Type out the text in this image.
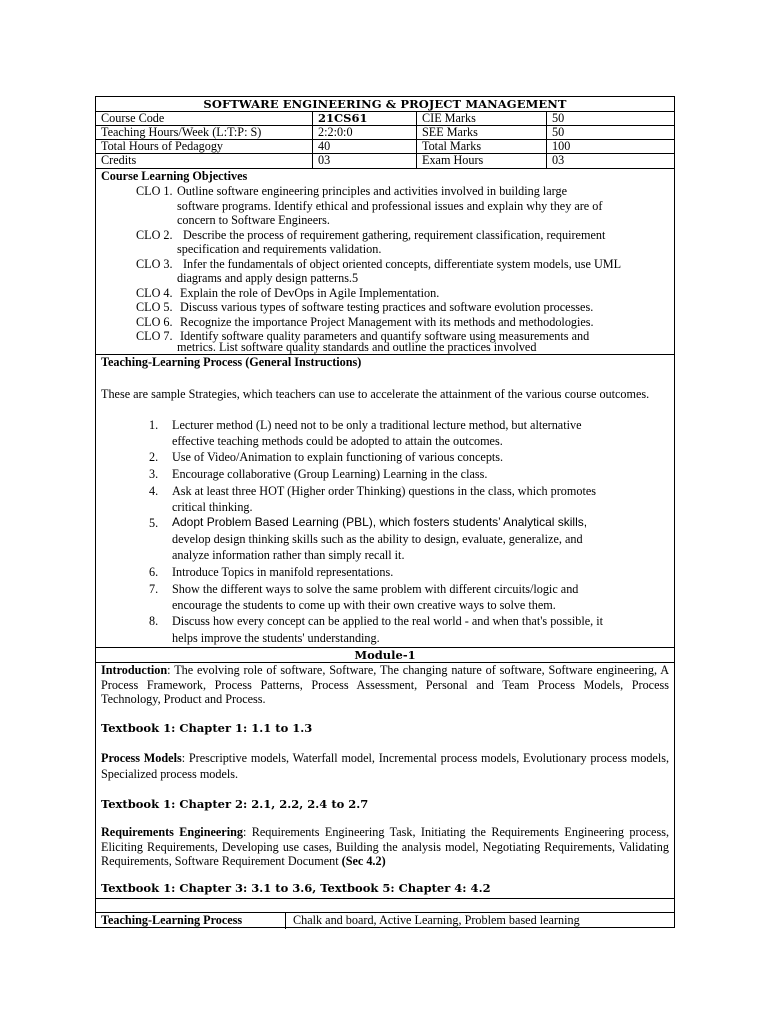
SOFTWARE ENGINEERING & PROJECT MANAGEMENT
Course Code	21CS61	CIE Marks	50
Teaching Hours/Week (L:T:P: S)	2:2:0:0	SEE Marks	50
Total Hours of Pedagogy	40	Total Marks	100
Credits	03	Exam Hours	03
Course Learning Objectives
CLO 1. Outline software engineering principles and activities involved in building large
software programs. Identify ethical and professional issues and explain why they are of
concern to Software Engineers.
CLO 2. Describe the process of requirement gathering, requirement classification, requirement
specification and requirements validation.
CLO 3. Infer the fundamentals of object oriented concepts, differentiate system models, use UML
diagrams and apply design patterns.5
CLO 4. Explain the role of DevOps in Agile Implementation.
CLO 5. Discuss various types of software testing practices and software evolution processes.
CLO 6. Recognize the importance Project Management with its methods and methodologies.
CLO 7. Identify software quality parameters and quantify software using measurements and
metrics. List software quality standards and outline the practices involved
Teaching-Learning Process (General Instructions)
These are sample Strategies, which teachers can use to accelerate the attainment of the various course outcomes.
1. Lecturer method (L) need not to be only a traditional lecture method, but alternative
effective teaching methods could be adopted to attain the outcomes.
2. Use of Video/Animation to explain functioning of various concepts.
3. Encourage collaborative (Group Learning) Learning in the class.
4. Ask at least three HOT (Higher order Thinking) questions in the class, which promotes
critical thinking.
5. Adopt Problem Based Learning (PBL), which fosters students’ Analytical skills,
develop design thinking skills such as the ability to design, evaluate, generalize, and
analyze information rather than simply recall it.
6. Introduce Topics in manifold representations.
7. Show the different ways to solve the same problem with different circuits/logic and
encourage the students to come up with their own creative ways to solve them.
8. Discuss how every concept can be applied to the real world - and when that's possible, it
helps improve the students' understanding.
Module-1
Introduction: The evolving role of software, Software, The changing nature of software, Software engineering, A Process Framework, Process Patterns, Process Assessment, Personal and Team Process Models, Process Technology, Product and Process.
Textbook 1: Chapter 1: 1.1 to 1.3
Process Models: Prescriptive models, Waterfall model, Incremental process models, Evolutionary process models, Specialized process models.
Textbook 1: Chapter 2: 2.1, 2.2, 2.4 to 2.7
Requirements Engineering: Requirements Engineering Task, Initiating the Requirements Engineering process, Eliciting Requirements, Developing use cases, Building the analysis model, Negotiating Requirements, Validating Requirements, Software Requirement Document (Sec 4.2)
Textbook 1: Chapter 3: 3.1 to 3.6, Textbook 5: Chapter 4: 4.2
Teaching-Learning Process	Chalk and board, Active Learning, Problem based learning
